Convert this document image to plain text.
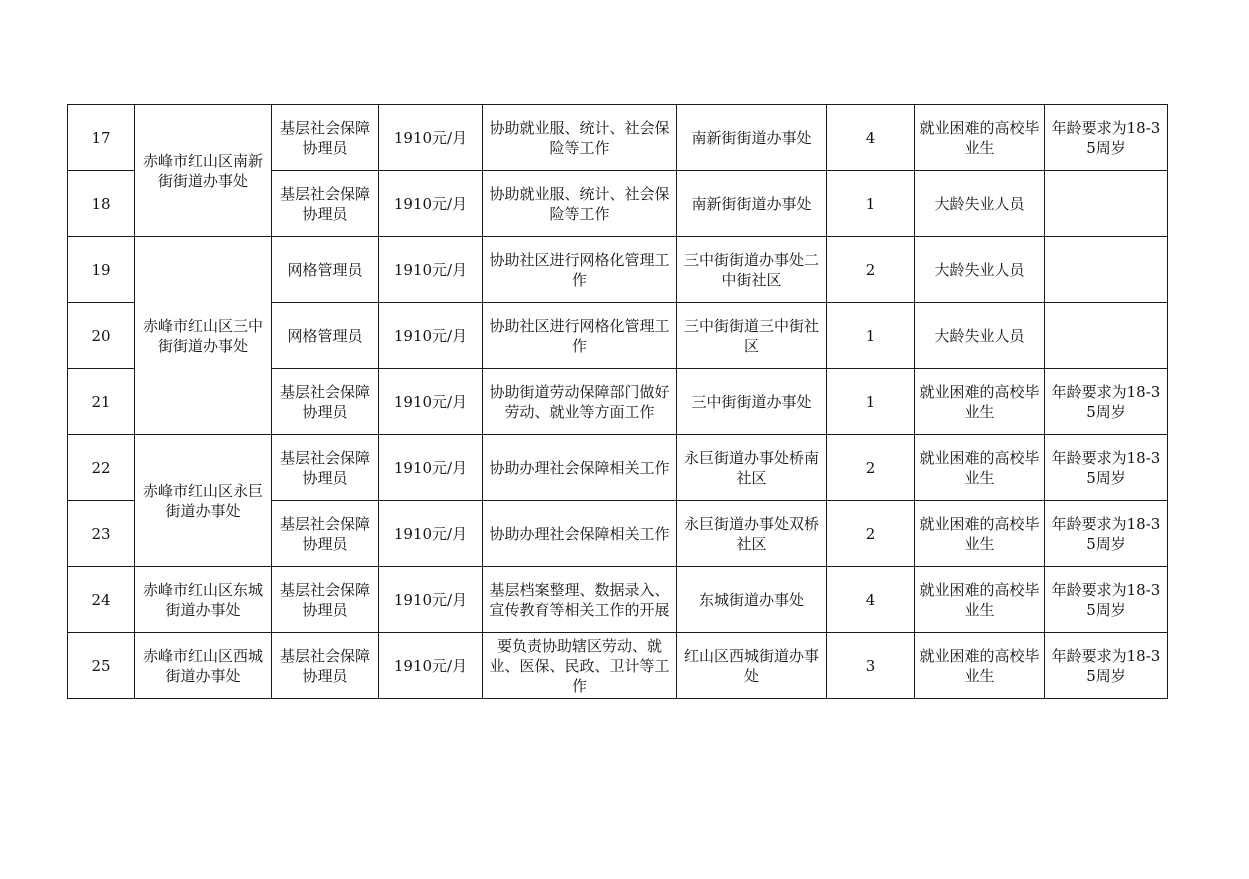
17	赤峰市红山区南新街街道办事处	基层社会保障协理员	1910元/月	协助就业服、统计、社会保险等工作	南新街街道办事处	4	就业困难的高校毕业生	年龄要求为18-35周岁
18		基层社会保障协理员	1910元/月	协助就业服、统计、社会保险等工作	南新街街道办事处	1	大龄失业人员	
19	赤峰市红山区三中街街道办事处	网格管理员	1910元/月	协助社区进行网格化管理工作	三中街街道办事处二中街社区	2	大龄失业人员	
20		网格管理员	1910元/月	协助社区进行网格化管理工作	三中街街道三中街社区	1	大龄失业人员	
21		基层社会保障协理员	1910元/月	协助街道劳动保障部门做好劳动、就业等方面工作	三中街街道办事处	1	就业困难的高校毕业生	年龄要求为18-35周岁
22	赤峰市红山区永巨街道办事处	基层社会保障协理员	1910元/月	协助办理社会保障相关工作	永巨街道办事处桥南社区	2	就业困难的高校毕业生	年龄要求为18-35周岁
23		基层社会保障协理员	1910元/月	协助办理社会保障相关工作	永巨街道办事处双桥社区	2	就业困难的高校毕业生	年龄要求为18-35周岁
24	赤峰市红山区东城街道办事处	基层社会保障协理员	1910元/月	基层档案整理、数据录入、宣传教育等相关工作的开展	东城街道办事处	4	就业困难的高校毕业生	年龄要求为18-35周岁
25	赤峰市红山区西城街道办事处	基层社会保障协理员	1910元/月	要负责协助辖区劳动、就业、医保、民政、卫计等工作	红山区西城街道办事处	3	就业困难的高校毕业生	年龄要求为18-35周岁
